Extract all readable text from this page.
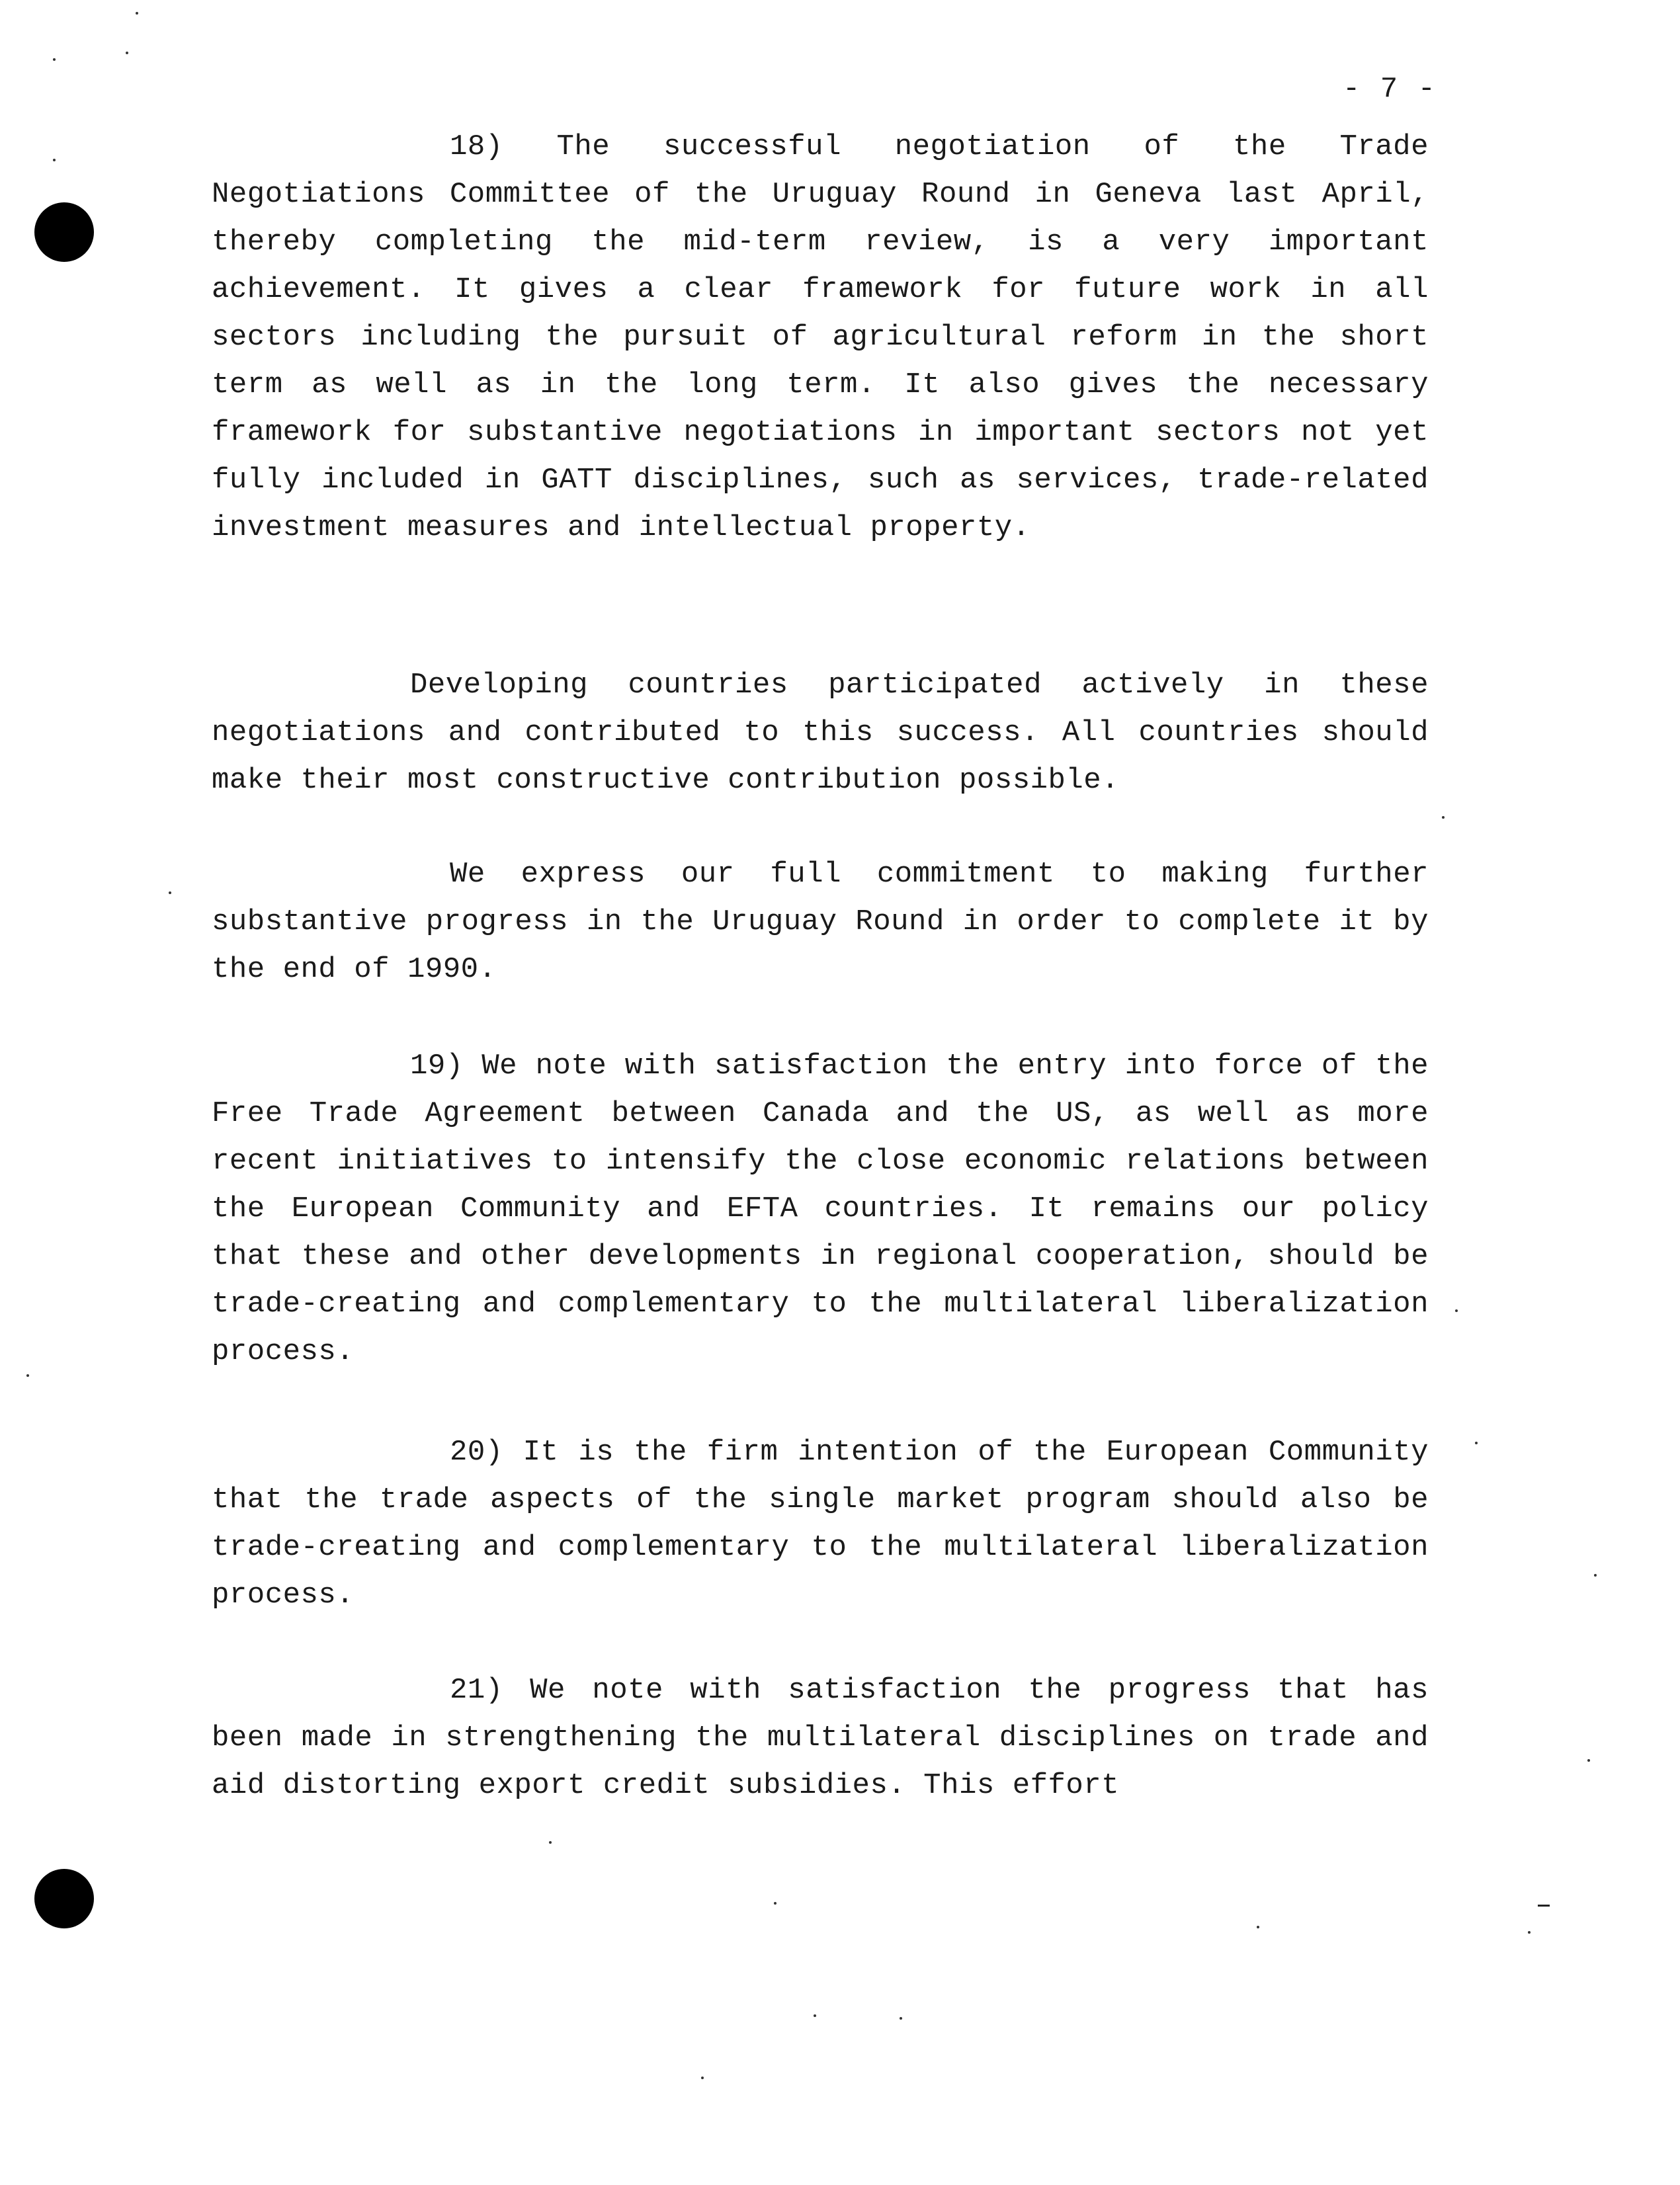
- 7 -

18) The successful negotiation of the Trade Negotiations Committee of the Uruguay Round in Geneva last April, thereby completing the mid-term review, is a very important achievement. It gives a clear framework for future work in all sectors including the pursuit of agricultural reform in the short term as well as in the long term. It also gives the necessary framework for substantive negotiations in important sectors not yet fully included in GATT disciplines, such as services, trade-related investment measures and intellectual property.

Developing countries participated actively in these negotiations and contributed to this success. All countries should make their most constructive contribution possible.

We express our full commitment to making further substantive progress in the Uruguay Round in order to complete it by the end of 1990.

19) We note with satisfaction the entry into force of the Free Trade Agreement between Canada and the US, as well as more recent initiatives to intensify the close economic relations between the European Community and EFTA countries. It remains our policy that these and other developments in regional cooperation, should be trade-creating and complementary to the multilateral liberalization process.

20) It is the firm intention of the European Community that the trade aspects of the single market program should also be trade-creating and complementary to the multilateral liberalization process.

21) We note with satisfaction the progress that has been made in strengthening the multilateral disciplines on trade and aid distorting export credit subsidies. This effort
